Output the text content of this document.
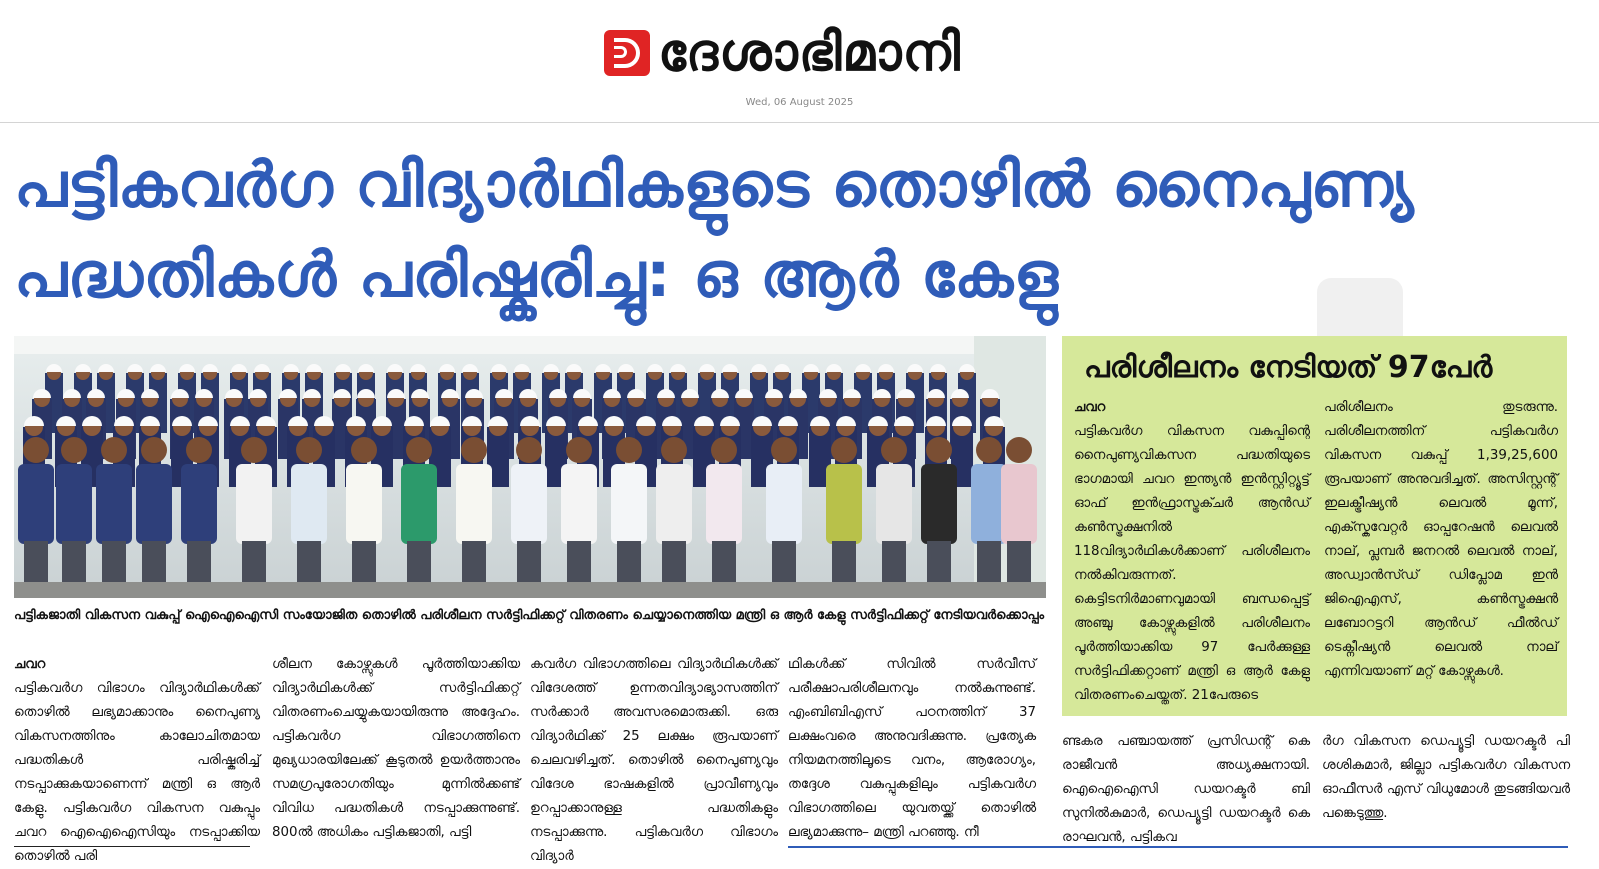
ദേശാഭിമാനി
Wed, 06 August 2025
പട്ടികവർഗ വിദ്യാർഥികളുടെ തൊഴിൽ നൈപുണ്യ പദ്ധതികൾ പരിഷ്കരിച്ചു: ഒ ആർ കേളു
പട്ടികജാതി വികസന വകുപ്പ് ഐഐഐസി സംയോജിത തൊഴിൽ പരിശീലന സർട്ടിഫിക്കറ്റ് വിതരണം ചെയ്യാനെത്തിയ മന്ത്രി ഒ ആർ കേളു സർട്ടിഫിക്കറ്റ് നേടിയവർക്കൊപ്പം

ചവറ

പട്ടികവർഗ വിഭാഗം വിദ്യാർഥികൾക്ക് തൊഴിൽ ലഭ്യമാക്കാനും നൈപുണ്യ വികസനത്തിനും കാലോചിതമായ പദ്ധതികൾ പരിഷ്കരിച്ച് നടപ്പാക്കുകയാണെന്ന് മന്ത്രി ഒ ആർ കേളു. പട്ടികവർഗ വികസന വകുപ്പും ചവറ ഐഐഐസിയും നടപ്പാക്കിയ തൊഴിൽ പരി

ശീലന കോഴ്സുകൾ പൂർത്തിയാക്കിയ വിദ്യാർഥികൾക്ക് സർട്ടിഫിക്കറ്റ് വിതരണംചെയ്യുകയായിരുന്നു അദ്ദേഹം. പട്ടികവർഗ വിഭാഗത്തിനെ മുഖ്യധാരയിലേക്ക് കൂടുതൽ ഉയർത്താനും സമഗ്രപുരോഗതിയും മുന്നിൽക്കണ്ട് വിവിധ പദ്ധതികൾ നടപ്പാക്കുന്നുണ്ട്. 800ൽ അധികം പട്ടികജാതി, പട്ടി

കവർഗ വിഭാഗത്തിലെ വിദ്യാർഥികൾക്ക് വിദേശത്ത് ഉന്നതവിദ്യാഭ്യാസത്തിന് സർക്കാർ അവസരമൊരുക്കി. ഒരു വിദ്യാർഥിക്ക് 25 ലക്ഷം രൂപയാണ് ചെലവഴിച്ചത്. തൊഴിൽ നൈപുണ്യവും വിദേശ ഭാഷകളിൽ പ്രാവീണ്യവും ഉറപ്പാക്കാനുള്ള പദ്ധതികളും നടപ്പാക്കുന്നു. പട്ടികവർഗ വിഭാഗം വിദ്യാർ

ഥികൾക്ക് സിവിൽ സർവീസ് പരീക്ഷാപരിശീലനവും നൽകുന്നുണ്ട്. എംബിബിഎസ് പഠനത്തിന് 37 ലക്ഷംവരെ അനുവദിക്കുന്നു. പ്രത്യേക നിയമനത്തിലൂടെ വനം, ആരോഗ്യം, തദ്ദേശ വകുപ്പുകളിലും പട്ടികവർഗ വിഭാഗത്തിലെ യുവതയ്ക്ക് തൊഴിൽ ലഭ്യമാക്കുന്നു– മന്ത്രി പറഞ്ഞു. നീ

പരിശീലനം നേടിയത് 97പേർ

ചവറ

പട്ടികവർഗ വികസന വകുപ്പിന്റെ നൈപുണ്യവികസന പദ്ധതിയുടെ ഭാഗമായി ചവറ ഇന്ത്യൻ ഇൻസ്റ്റിറ്റ്യൂട്ട് ഓഫ് ഇൻഫ്രാസ്ട്രക്ചർ ആൻഡ് കൺസ്ട്രക്ഷനിൽ 118വിദ്യാർഥികൾക്കാണ് പരിശീലനം നൽകിവരുന്നത്. കെട്ടിടനിർമാണവുമായി ബന്ധപ്പെട്ട് അഞ്ചു കോഴ്സുകളിൽ പരിശീലനം പൂർത്തിയാക്കിയ 97 പേർക്കുള്ള സർട്ടിഫിക്കറ്റാണ് മന്ത്രി ഒ ആർ കേളു വിതരണംചെയ്തത്. 21പേരുടെ

പരിശീലനം തുടരുന്നു. പരിശീലനത്തിന് പട്ടികവർഗ വികസന വകുപ്പ് 1,39,25,600 രൂപയാണ് അനുവദിച്ചത്. അസിസ്റ്റന്റ് ഇലക്ട്രീഷ്യൻ ലെവൽ മൂന്ന്, എക്സ്കവേറ്റർ ഓപ്പറേഷൻ ലെവൽ നാല്, പ്ലമ്പർ ജനറൽ ലെവൽ നാല്, അഡ്വാൻസ്ഡ് ഡിപ്ലോമ ഇൻ ജിഐഎസ്, കൺസ്ട്രക്ഷൻ ലബോറട്ടറി ആൻഡ് ഫീൽഡ് ടെക്നീഷ്യൻ ലെവൽ നാല് എന്നിവയാണ് മറ്റ് കോഴ്സുകൾ.

ണ്ടകര പഞ്ചായത്ത് പ്രസിഡന്റ് കെ രാജീവൻ അധ്യക്ഷനായി. ഐഐഐസി ഡയറക്ടർ ബി സുനിൽകുമാർ, ഡെപ്യൂട്ടി ഡയറക്ടർ കെ രാഘവൻ, പട്ടികവ

ർഗ വികസന ഡെപ്യൂട്ടി ഡയറക്ടർ പി ശശികുമാർ, ജില്ലാ പട്ടികവർഗ വികസന ഓഫീസർ എസ് വിധുമോൾ തുടങ്ങിയവർ പങ്കെടുത്തു.
